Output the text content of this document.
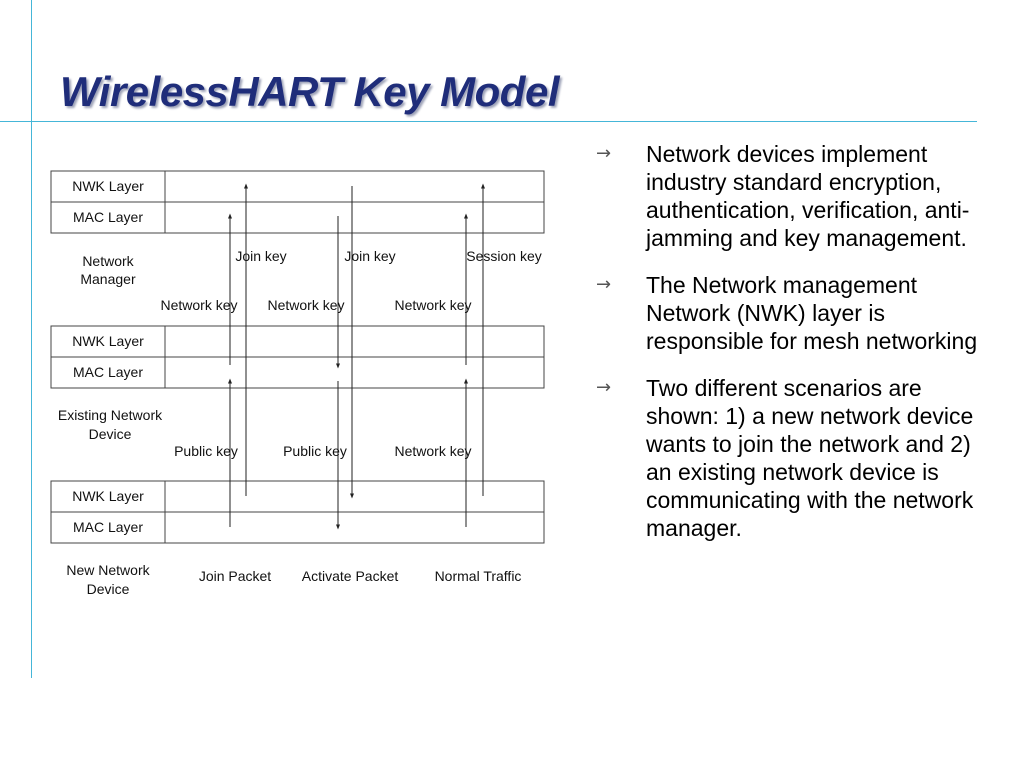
WirelessHART Key Model
NWK Layer
MAC Layer
NWK Layer
MAC Layer
NWK Layer
MAC Layer
Network
Manager
Existing Network
Device
New Network
Device
Join key	Join key	Session key
Network key Network key	Network key
Public key	Public key	Network key
Join Packet Activate Packet	Normal Traffic
→ Network devices implement industry standard encryption, authentication, verification, anti-jamming and key management.
→ The Network management Network (NWK) layer is responsible for mesh networking
→ Two different scenarios are shown: 1) a new network device wants to join the network and 2) an existing network device is communicating with the network manager.
